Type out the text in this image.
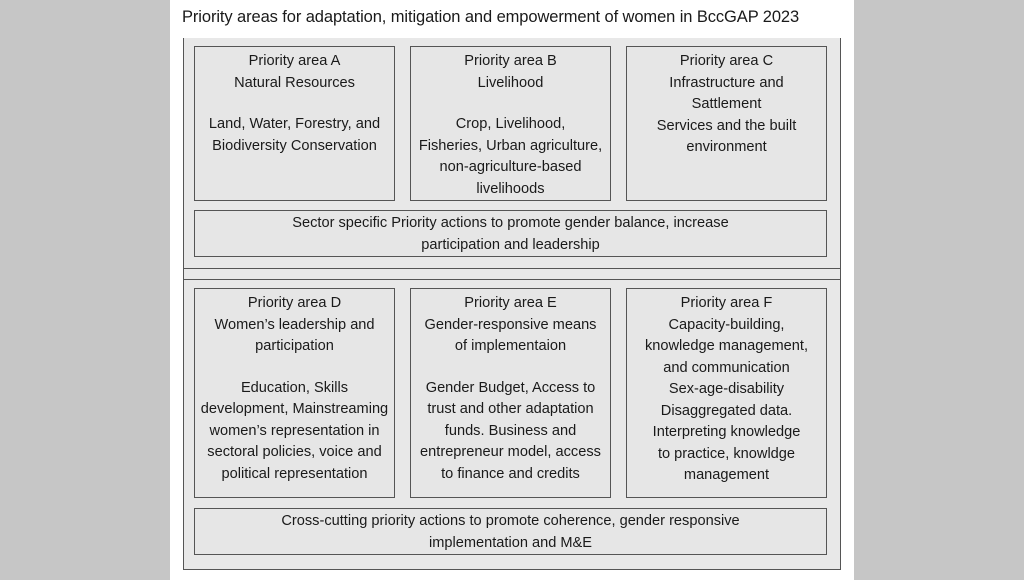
Priority areas for adaptation, mitigation and empowerment of women in BccGAP 2023
Priority area A
Natural Resources
Land, Water, Forestry, and
Biodiversity Conservation
Priority area B
Livelihood
Crop, Livelihood,
Fisheries, Urban agriculture,
non-agriculture-based
livelihoods
Priority area C
Infrastructure and
Sattlement
Services and the built
environment
Sector specific Priority actions to promote gender balance, increase
participation and leadership
Priority area D
Women’s leadership and
participation
Education, Skills
development, Mainstreaming
women’s representation in
sectoral policies, voice and
political representation
Priority area E
Gender-responsive means
of implementaion
Gender Budget, Access to
trust and other adaptation
funds. Business and
entrepreneur model, access
to finance and credits
Priority area F
Capacity-building,
knowledge management,
and communication
Sex-age-disability
Disaggregated data.
Interpreting knowledge
to practice, knowldge
management
Cross-cutting priority actions to promote coherence, gender responsive
implementation and M&E
